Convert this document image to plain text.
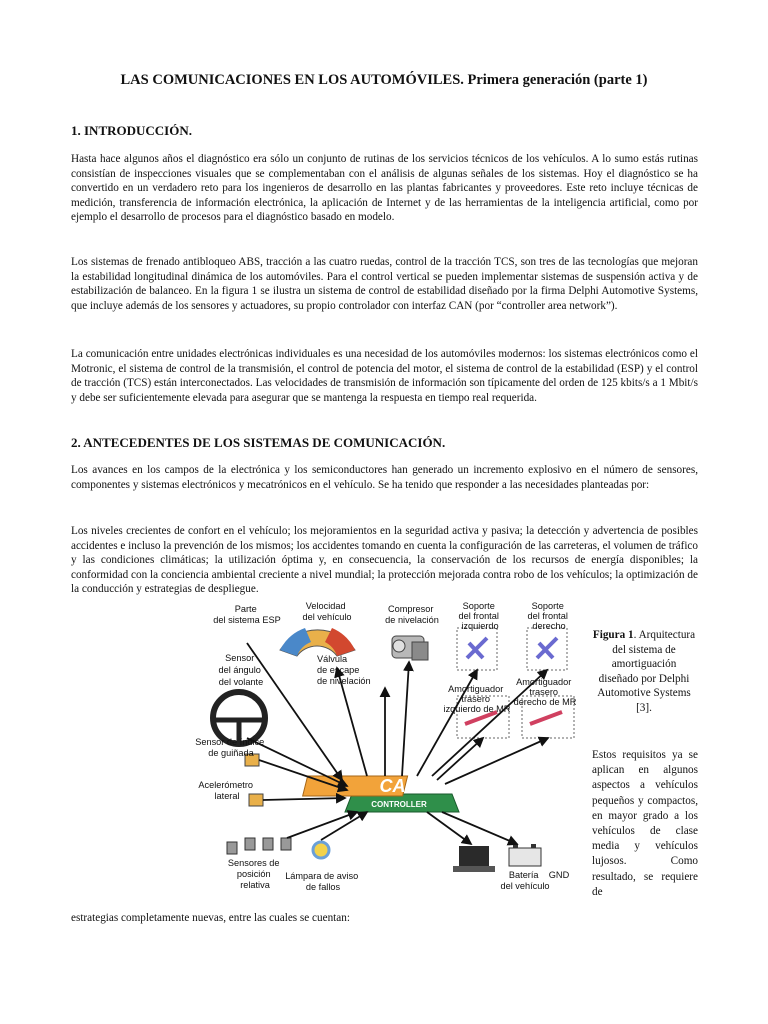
LAS COMUNICACIONES EN LOS AUTOMÓVILES. Primera generación (parte 1)
1. INTRODUCCIÓN.

Hasta hace algunos años el diagnóstico era sólo un conjunto de rutinas de los servicios técnicos de los vehículos. A lo sumo estás rutinas consistían de inspecciones visuales que se complementaban con el análisis de algunas señales de los sistemas. Hoy el diagnóstico se ha convertido en un verdadero reto para los ingenieros de desarrollo en las plantas fabricantes y proveedores. Este reto incluye técnicas de medición, transferencia de información electrónica, la aplicación de Internet y de las herramientas de la inteligencia artificial, como por ejemplo el desarrollo de procesos para el diagnóstico basado en modelo.

Los sistemas de frenado antibloqueo ABS, tracción a las cuatro ruedas, control de la tracción TCS, son tres de las tecnologías que mejoran la estabilidad longitudinal dinámica de los automóviles. Para el control vertical se pueden implementar sistemas de suspensión activa y de estabilización de balanceo. En la figura 1 se ilustra un sistema de control de estabilidad diseñado por la firma Delphi Automotive Systems, que incluye además de los sensores y actuadores, su propio controlador con interfaz CAN (por “controller area network”).

La comunicación entre unidades electrónicas individuales es una necesidad de los automóviles modernos: los sistemas electrónicos como el Motronic, el sistema de control de la transmisión, el control de potencia del motor, el sistema de control de la estabilidad (ESP) y el control de tracción (TCS) están interconectados. Las velocidades de transmisión de información son típicamente del orden de 125 kbits/s a 1 Mbit/s y debe ser suficientemente elevada para asegurar que se mantenga la respuesta en tiempo real requerida.

2. ANTECEDENTES DE LOS SISTEMAS DE COMUNICACIÓN.

Los avances en los campos de la electrónica y los semiconductores han generado un incremento explosivo en el número de sensores, componentes y sistemas electrónicos y mecatrónicos en el vehículo. Se ha tenido que responder a las necesidades planteadas por:

Los niveles crecientes de confort en el vehículo; los mejoramientos en la seguridad activa y pasiva; la detección y advertencia de posibles accidentes e incluso la prevención de los mismos; los accidentes tomando en cuenta la configuración de las carreteras, el volumen de tráfico y las condiciones climáticas; la utilización óptima y, en consecuencia, la conservación de los recursos de energía disponibles; la conformidad con la conciencia ambiental creciente a nivel mundial; la protección mejorada contra robo de los vehículos; la optimización de la conducción y estrategias de despliegue.

CAN
CONTROLLER
Parte del sistema ESP
Velocidad del vehículo
Compresor de nivelación
Soporte del frontal izquierdo
Soporte del frontal derecho
Sensor del ángulo del volante
Válvula de escape de nivelación
Amortiguador trasero izquierdo de MR
Amortiguador trasero derecho de MR
Sensor de índice de guiñada
Acelerómetro lateral
Sensores de posición relativa
Lámpara de aviso de fallos
Batería del vehículo
GND
Figura 1. Arquitectura del sistema de amortiguación diseñado por Delphi Automotive Systems [3].

Estos requisitos ya se aplican en algunos aspectos a vehículos pequeños y compactos, en mayor grado a los vehículos de clase media y vehículos lujosos. Como resultado, se requiere de

estrategias completamente nuevas, entre las cuales se cuentan:
